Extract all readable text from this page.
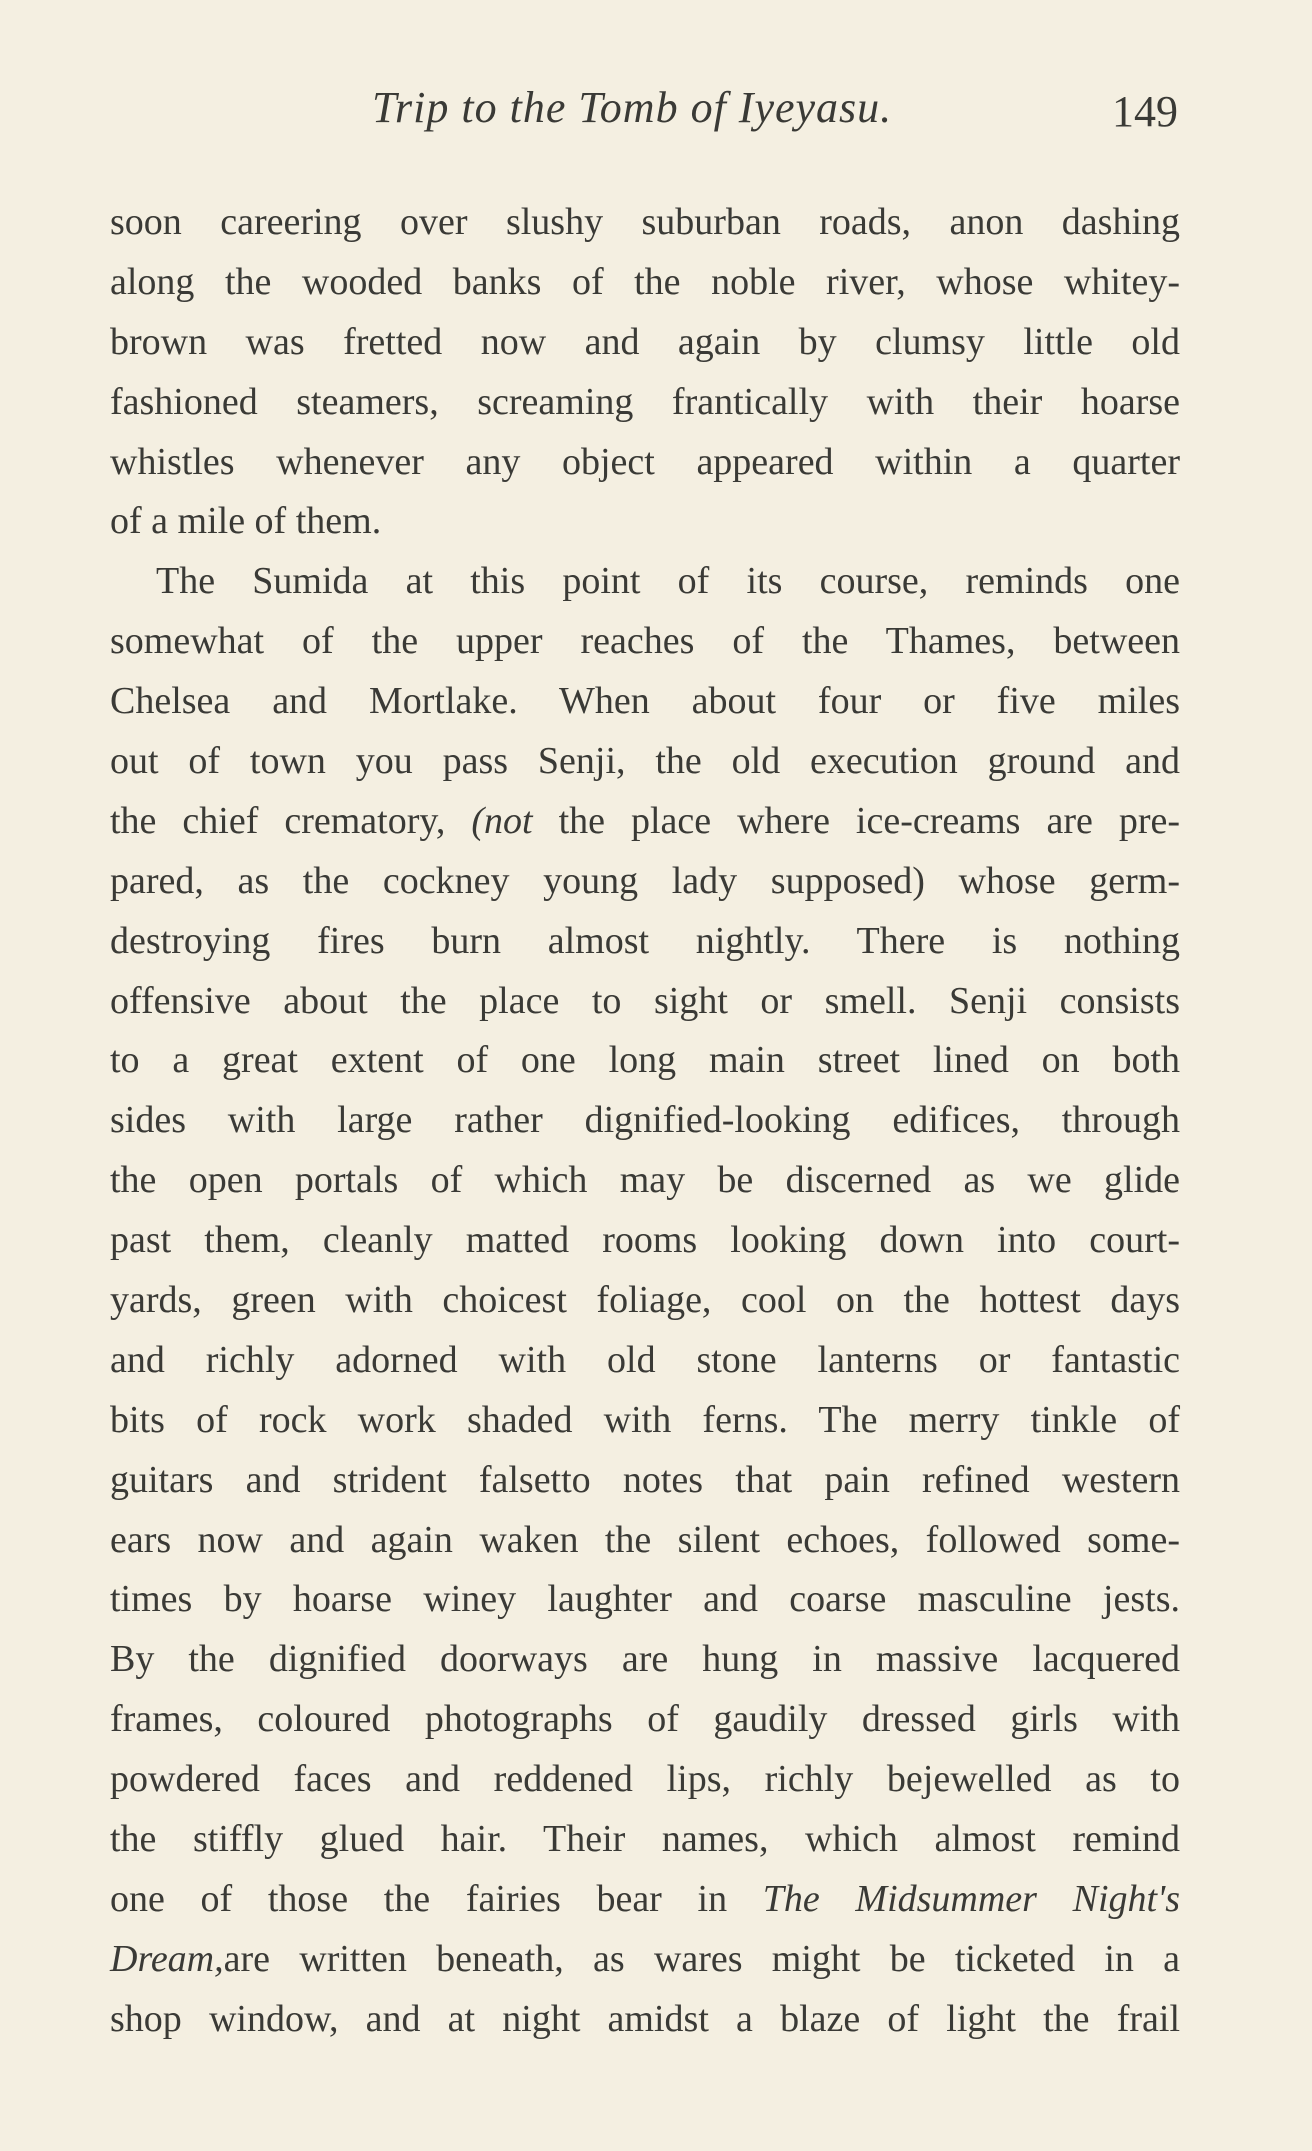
Trip to the Tomb of Iyeyasu.	149
soon careering over slushy suburban roads, anon dashing
along the wooded banks of the noble river, whose whitey-
brown was fretted now and again by clumsy little old
fashioned steamers, screaming frantically with their hoarse
whistles whenever any object appeared within a quarter
of a mile of them.
The Sumida at this point of its course, reminds one
somewhat of the upper reaches of the Thames, between
Chelsea and Mortlake. When about four or five miles
out of town you pass Senji, the old execution ground and
the chief crematory, (not the place where ice-creams are pre-
pared, as the cockney young lady supposed) whose germ-
destroying fires burn almost nightly. There is nothing
offensive about the place to sight or smell. Senji consists
to a great extent of one long main street lined on both
sides with large rather dignified-looking edifices, through
the open portals of which may be discerned as we glide
past them, cleanly matted rooms looking down into court-
yards, green with choicest foliage, cool on the hottest days
and richly adorned with old stone lanterns or fantastic
bits of rock work shaded with ferns. The merry tinkle of
guitars and strident falsetto notes that pain refined western
ears now and again waken the silent echoes, followed some-
times by hoarse winey laughter and coarse masculine jests.
By the dignified doorways are hung in massive lacquered
frames, coloured photographs of gaudily dressed girls with
powdered faces and reddened lips, richly bejewelled as to
the stiffly glued hair. Their names, which almost remind
one of those the fairies bear in The Midsummer Night's
Dream,are written beneath, as wares might be ticketed in a
shop window, and at night amidst a blaze of light the frail
